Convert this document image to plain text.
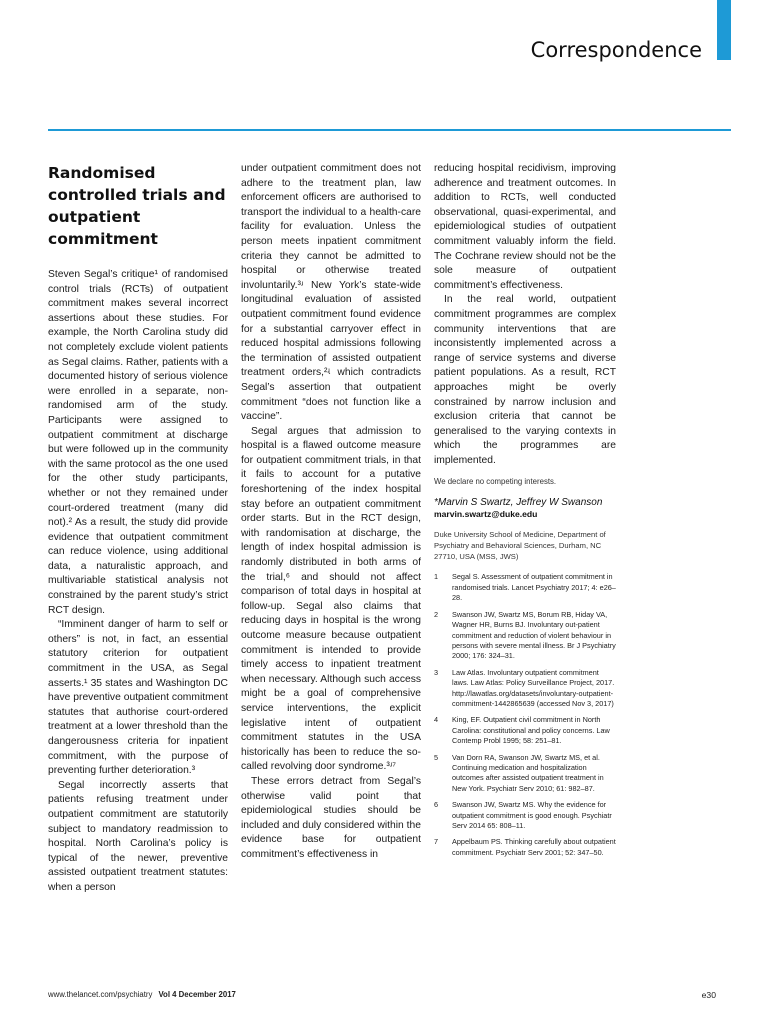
Correspondence
Randomised controlled trials and outpatient commitment

Steven Segal’s critique¹ of randomised control trials (RCTs) of outpatient commitment makes several incorrect assertions about these studies. For example, the North Carolina study did not completely exclude violent patients as Segal claims. Rather, patients with a documented history of serious violence were enrolled in a separate, non-randomised arm of the study. Participants were assigned to outpatient commitment at discharge but were followed up in the community with the same protocol as the one used for the other study participants, whether or not they remained under court-ordered treatment (many did not).² As a result, the study did provide evidence that outpatient commitment can reduce violence, using additional data, a naturalistic approach, and multivariable statistical analysis not constrained by the parent study’s strict RCT design.

“Imminent danger of harm to self or others” is not, in fact, an essential statutory criterion for outpatient commitment in the USA, as Segal asserts.¹ 35 states and Washington DC have preventive outpatient commitment statutes that authorise court-ordered treatment at a lower threshold than the dangerousness criteria for inpatient commitment, with the purpose of preventing further deterioration.³

Segal incorrectly asserts that patients refusing treatment under outpatient commitment are statutorily subject to mandatory readmission to hospital. North Carolina’s policy is typical of the newer, preventive assisted outpatient treatment statutes: when a person

under outpatient commitment does not adhere to the treatment plan, law enforcement officers are authorised to transport the individual to a health-care facility for evaluation. Unless the person meets inpatient commitment criteria they cannot be admitted to hospital or otherwise treated involuntarily.³ʴ New York’s state-wide longitudinal evaluation of assisted outpatient commitment found evidence for a substantial carryover effect in reduced hospital admissions following the termination of assisted outpatient treatment orders,²ʵ which contradicts Segal’s assertion that outpatient commitment “does not function like a vaccine”.

Segal argues that admission to hospital is a flawed outcome measure for outpatient commitment trials, in that it fails to account for a putative foreshortening of the index hospital stay before an outpatient commitment order starts. But in the RCT design, with randomisation at discharge, the length of index hospital admission is randomly distributed in both arms of the trial,⁶ and should not affect comparison of total days in hospital at follow-up. Segal also claims that reducing days in hospital is the wrong outcome measure because outpatient commitment is intended to provide timely access to inpatient treatment when necessary. Although such access might be a goal of comprehensive service interventions, the explicit legislative intent of outpatient commitment statutes in the USA historically has been to reduce the so-called revolving door syndrome.³ʴ⁷

These errors detract from Segal’s otherwise valid point that epidemiological studies should be included and duly considered within the evidence base for outpatient commitment’s effectiveness in

reducing hospital recidivism, improving adherence and treatment outcomes. In addition to RCTs, well conducted observational, quasi-experimental, and epidemiological studies of outpatient commitment valuably inform the field. The Cochrane review should not be the sole measure of outpatient commitment’s effectiveness.

In the real world, outpatient commitment programmes are complex community interventions that are inconsistently implemented across a range of service systems and diverse patient populations. As a result, RCT approaches might be overly constrained by narrow inclusion and exclusion criteria that cannot be generalised to the varying contexts in which the programmes are implemented.

We declare no competing interests.
*Marvin S Swartz, Jeffrey W Swanson
marvin.swartz@duke.edu
Duke University School of Medicine, Department of Psychiatry and Behavioral Sciences, Durham, NC 27710, USA (MSS, JWS)
1 Segal S. Assessment of outpatient commitment in randomised trials. Lancet Psychiatry 2017; 4: e26–28.
2 Swanson JW, Swartz MS, Borum RB, Hiday VA, Wagner HR, Burns BJ. Involuntary out-patient commitment and reduction of violent behaviour in persons with severe mental illness. Br J Psychiatry 2000; 176: 324–31.
3 Law Atlas. Involuntary outpatient commitment laws. Law Atlas: Policy Surveillance Project, 2017. http://lawatlas.org/datasets/involuntary-outpatient-commitment-1442865639 (accessed Nov 3, 2017)
4 King, EF. Outpatient civil commitment in North Carolina: constitutional and policy concerns. Law Contemp Probl 1995; 58: 251–81.
5 Van Dorn RA, Swanson JW, Swartz MS, et al. Continuing medication and hospitalization outcomes after assisted outpatient treatment in New York. Psychiatr Serv 2010; 61: 982–87.
6 Swanson JW, Swartz MS. Why the evidence for outpatient commitment is good enough. Psychiatr Serv 2014 65: 808–11.
7 Appelbaum PS. Thinking carefully about outpatient commitment. Psychiatr Serv 2001; 52: 347–50.

www.thelancet.com/psychiatry Vol 4 December 2017	e30
